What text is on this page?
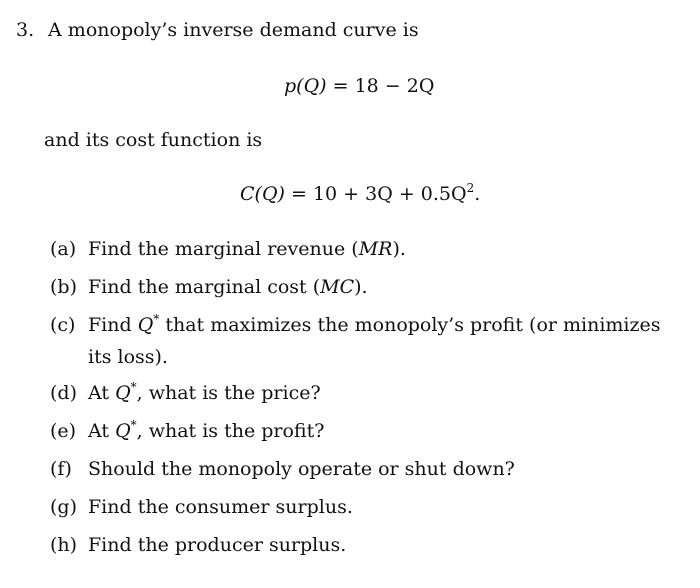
3. A monopoly’s inverse demand curve is
p(Q) = 18 − 2Q
and its cost function is
$C(Q) = 10 + 3Q + 0.5Q^2$.
(a) Find the marginal revenue (MR).
(b) Find the marginal cost (MC).
(c) Find Q* that maximizes the monopoly’s profit (or minimizes its loss).
(d) At Q*, what is the price?
(e) At Q*, what is the profit?
(f) Should the monopoly operate or shut down?
(g) Find the consumer surplus.
(h) Find the producer surplus.
